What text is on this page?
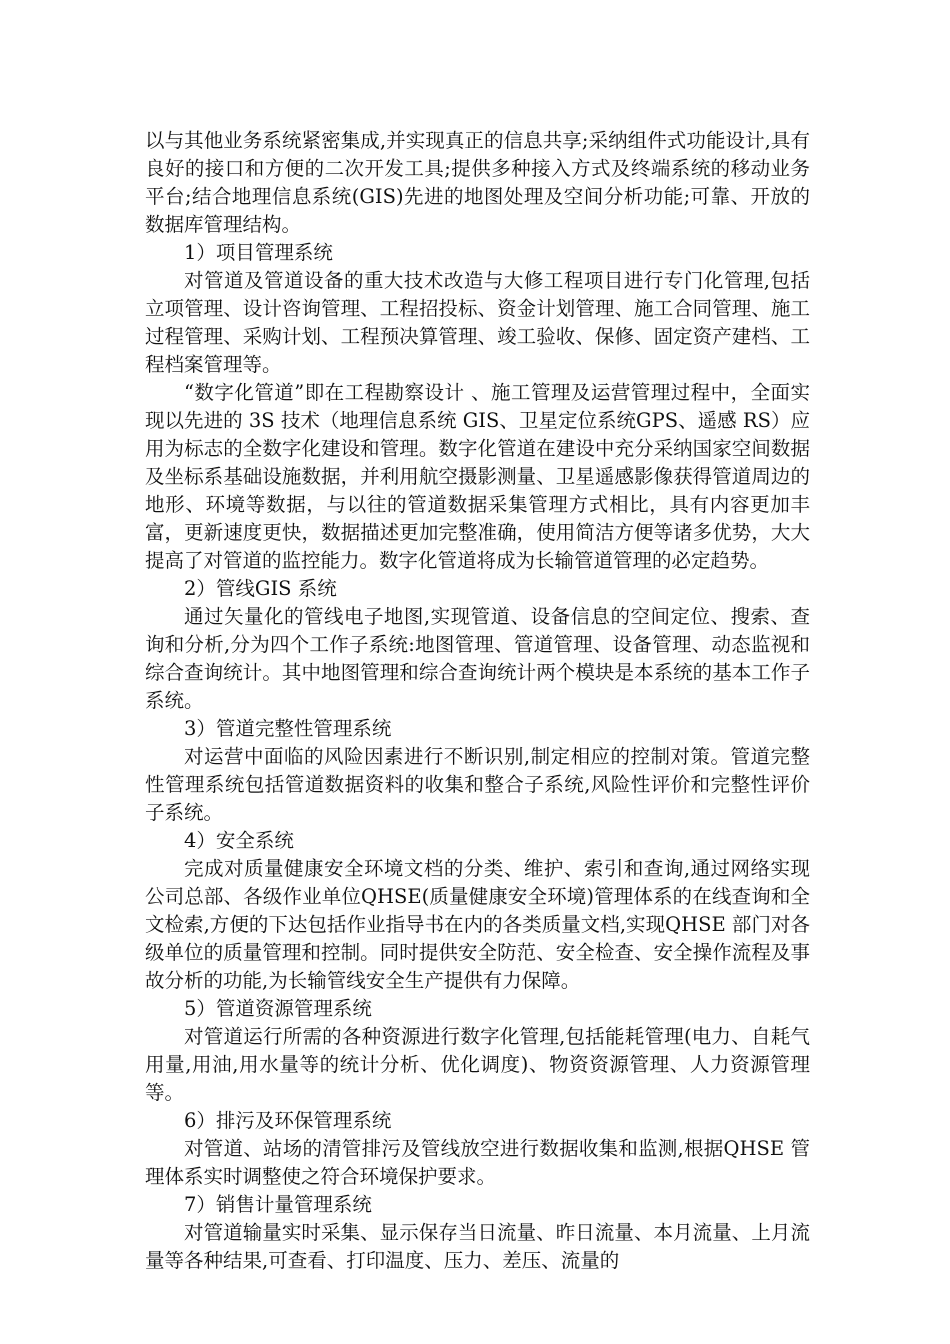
以与其他业务系统紧密集成,并实现真正的信息共享;采纳组件式功能设计,具有良好的接口和方便的二次开发工具;提供多种接入方式及终端系统的移动业务平台;结合地理信息系统(GIS)先进的地图处理及空间分析功能;可靠、开放的数据库管理结构。

1）项目管理系统

对管道及管道设备的重大技术改造与大修工程项目进行专门化管理,包括立项管理、设计咨询管理、工程招投标、资金计划管理、施工合同管理、施工过程管理、采购计划、工程预决算管理、竣工验收、保修、固定资产建档、工程档案管理等。

“数字化管道”即在工程勘察设计 、施工管理及运营管理过程中，全面实现以先进的 3S 技术（地理信息系统 GIS、卫星定位系统GPS、遥感 RS）应用为标志的全数字化建设和管理。数字化管道在建设中充分采纳国家空间数据及坐标系基础设施数据，并利用航空摄影测量、卫星遥感影像获得管道周边的地形、环境等数据，与以往的管道数据采集管理方式相比，具有内容更加丰富，更新速度更快，数据描述更加完整准确，使用简洁方便等诸多优势，大大提高了对管道的监控能力。数字化管道将成为长输管道管理的必定趋势。

2）管线GIS 系统

通过矢量化的管线电子地图,实现管道、设备信息的空间定位、搜索、查询和分析,分为四个工作子系统:地图管理、管道管理、设备管理、动态监视和综合查询统计。其中地图管理和综合查询统计两个模块是本系统的基本工作子系统。

3）管道完整性管理系统

对运营中面临的风险因素进行不断识别,制定相应的控制对策。管道完整性管理系统包括管道数据资料的收集和整合子系统,风险性评价和完整性评价子系统。

4）安全系统

完成对质量健康安全环境文档的分类、维护、索引和查询,通过网络实现公司总部、各级作业单位QHSE(质量健康安全环境)管理体系的在线查询和全文检索,方便的下达包括作业指导书在内的各类质量文档,实现QHSE 部门对各级单位的质量管理和控制。同时提供安全防范、安全检查、安全操作流程及事故分析的功能,为长输管线安全生产提供有力保障。

5）管道资源管理系统

对管道运行所需的各种资源进行数字化管理,包括能耗管理(电力、自耗气用量,用油,用水量等的统计分析、优化调度)、物资资源管理、人力资源管理等。

6）排污及环保管理系统

对管道、站场的清管排污及管线放空进行数据收集和监测,根据QHSE 管理体系实时调整使之符合环境保护要求。

7）销售计量管理系统

对管道输量实时采集、显示保存当日流量、昨日流量、本月流量、上月流量等各种结果,可查看、打印温度、压力、差压、流量的
